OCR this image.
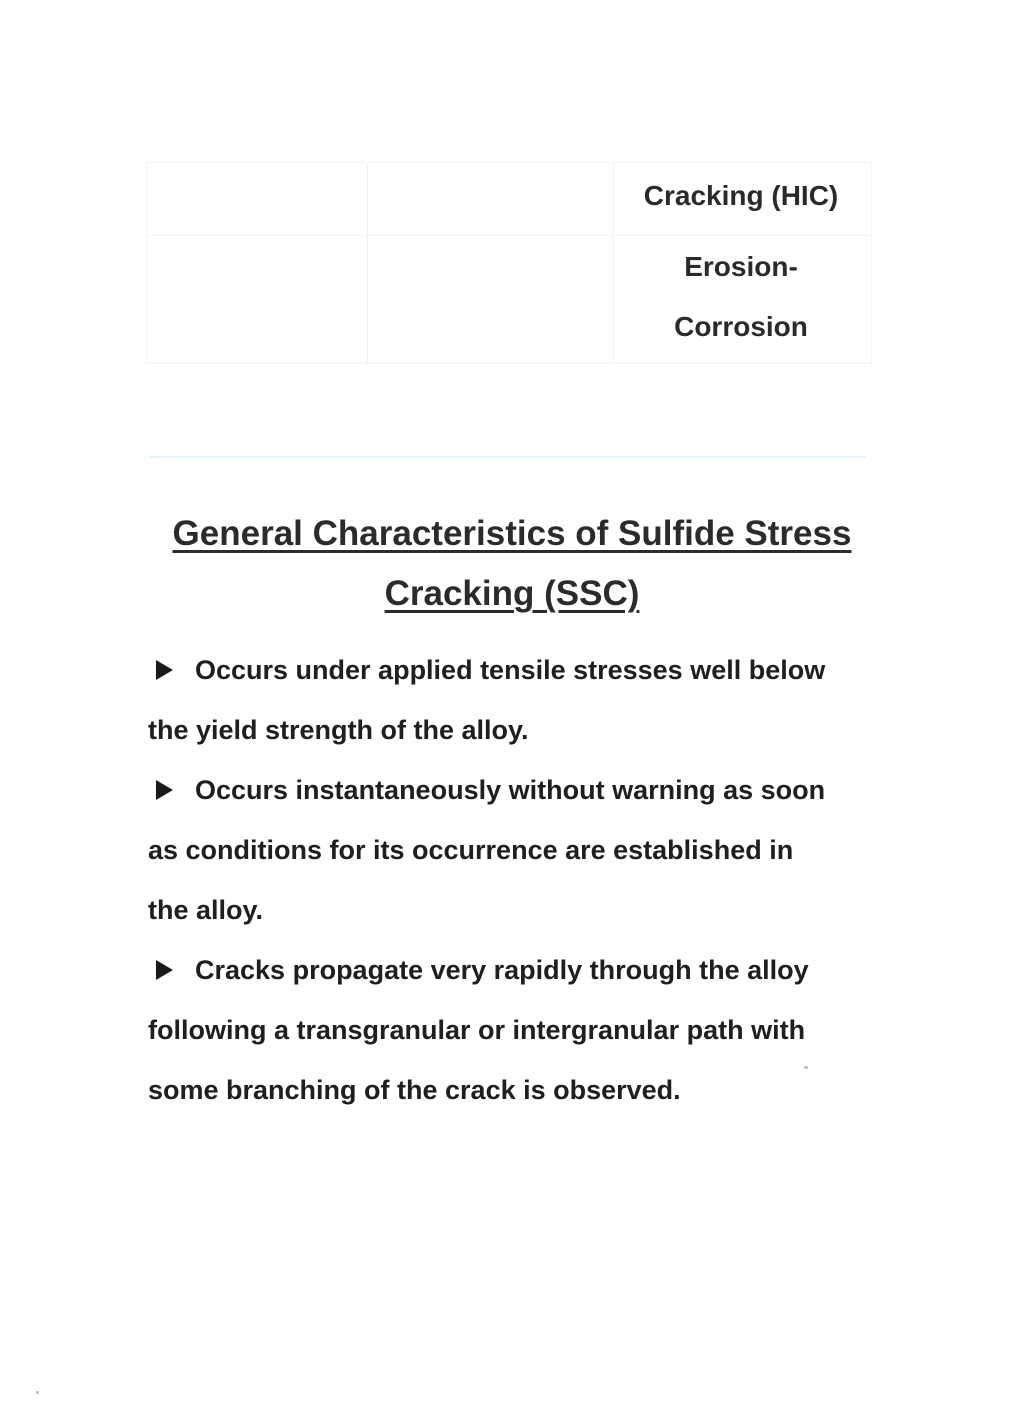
Cracking (HIC)
Erosion-
Corrosion
General Characteristics of Sulfide Stress Cracking (SSC)
Occurs under applied tensile stresses well below the yield strength of the alloy.
Occurs instantaneously without warning as soon as conditions for its occurrence are established in the alloy.
Cracks propagate very rapidly through the alloy following a transgranular or intergranular path with some branching of the crack is observed.
